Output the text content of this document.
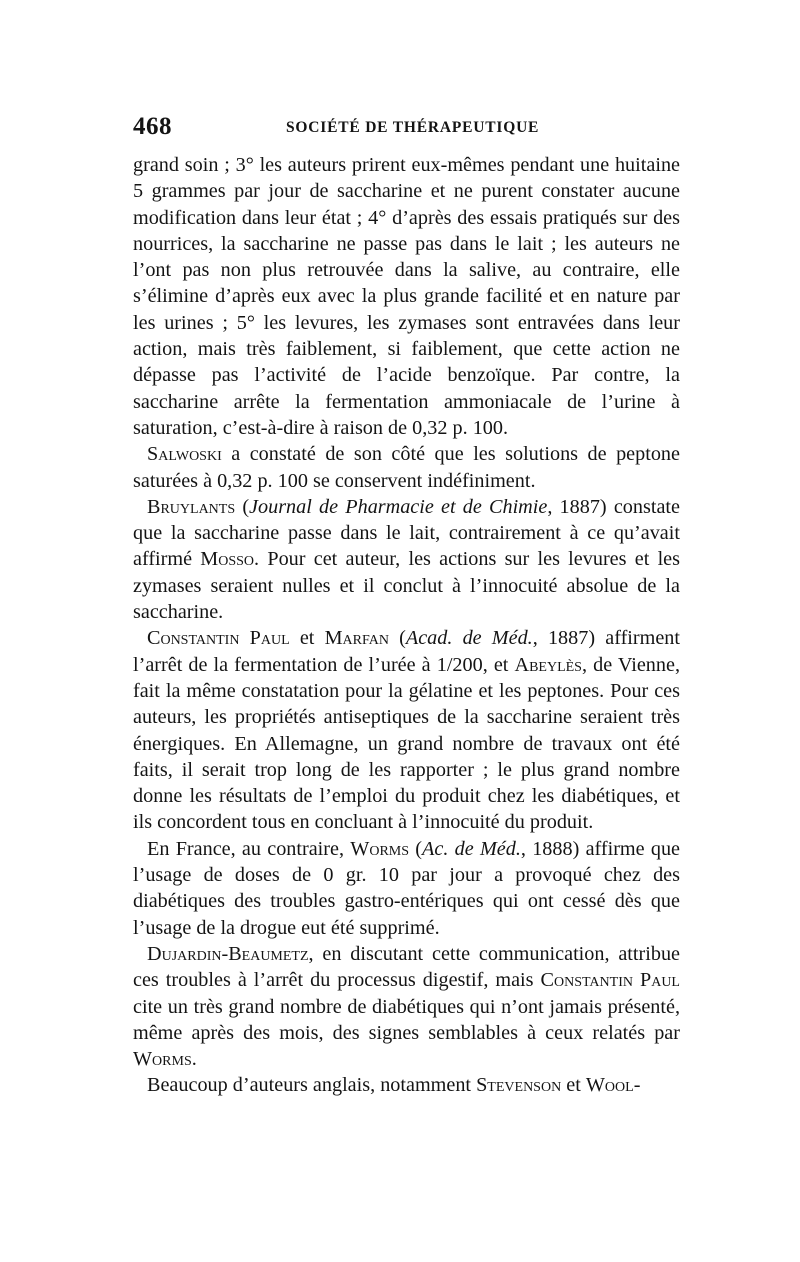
468	SOCIÉTÉ DE THÉRAPEUTIQUE

grand soin ; 3° les auteurs prirent eux-mêmes pendant une huitaine 5 grammes par jour de saccharine et ne purent constater aucune modification dans leur état ; 4° d’après des essais pratiqués sur des nourrices, la saccharine ne passe pas dans le lait ; les auteurs ne l’ont pas non plus retrouvée dans la salive, au contraire, elle s’élimine d’après eux avec la plus grande facilité et en nature par les urines ; 5° les levures, les zymases sont entravées dans leur action, mais très faiblement, si faiblement, que cette action ne dépasse pas l’activité de l’acide benzoïque. Par contre, la saccharine arrête la fermentation ammoniacale de l’urine à saturation, c’est-à-dire à raison de 0,32 p. 100.

Salwoski a constaté de son côté que les solutions de peptone saturées à 0,32 p. 100 se conservent indéfiniment.

Bruylants (Journal de Pharmacie et de Chimie, 1887) constate que la saccharine passe dans le lait, contrairement à ce qu’avait affirmé Mosso. Pour cet auteur, les actions sur les levures et les zymases seraient nulles et il conclut à l’innocuité absolue de la saccharine.

Constantin Paul et Marfan (Acad. de Méd., 1887) affirment l’arrêt de la fermentation de l’urée à 1/200, et Abeylès, de Vienne, fait la même constatation pour la gélatine et les peptones. Pour ces auteurs, les propriétés antiseptiques de la saccharine seraient très énergiques. En Allemagne, un grand nombre de travaux ont été faits, il serait trop long de les rapporter ; le plus grand nombre donne les résultats de l’emploi du produit chez les diabétiques, et ils concordent tous en concluant à l’innocuité du produit.

En France, au contraire, Worms (Ac. de Méd., 1888) affirme que l’usage de doses de 0 gr. 10 par jour a provoqué chez des diabétiques des troubles gastro-entériques qui ont cessé dès que l’usage de la drogue eut été supprimé.

Dujardin-Beaumetz, en discutant cette communication, attribue ces troubles à l’arrêt du processus digestif, mais Constantin Paul cite un très grand nombre de diabétiques qui n’ont jamais présenté, même après des mois, des signes semblables à ceux relatés par Worms.

Beaucoup d’auteurs anglais, notamment Stevenson et Wool-
